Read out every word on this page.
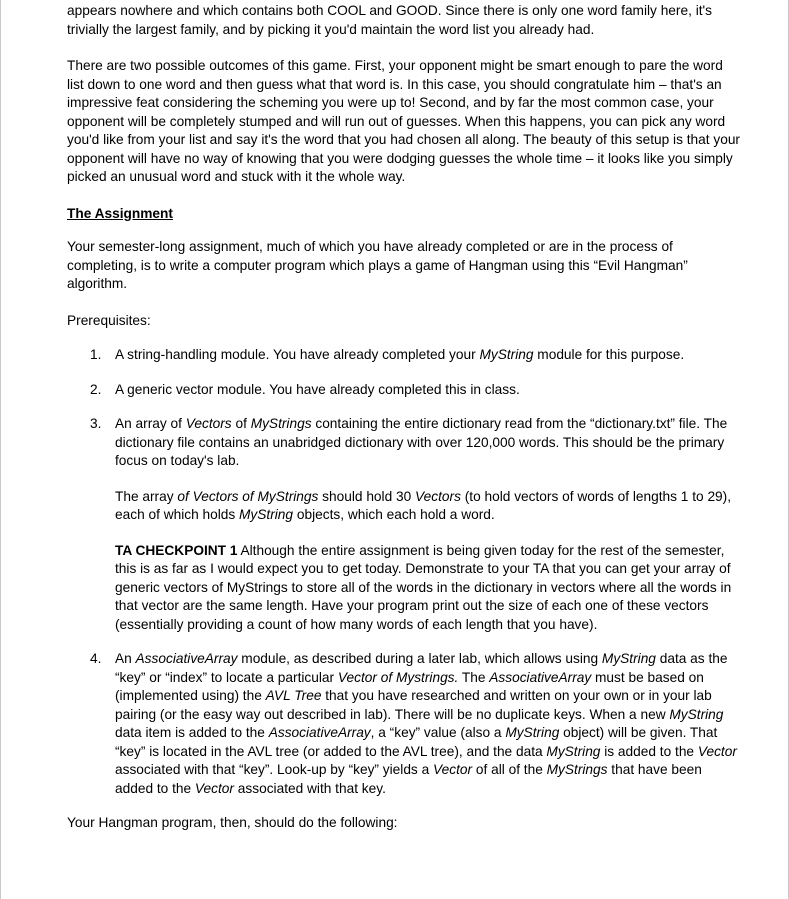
appears nowhere and which contains both COOL and GOOD. Since there is only one word family here, it's trivially the largest family, and by picking it you'd maintain the word list you already had.

There are two possible outcomes of this game. First, your opponent might be smart enough to pare the word list down to one word and then guess what that word is. In this case, you should congratulate him – that's an impressive feat considering the scheming you were up to! Second, and by far the most common case, your opponent will be completely stumped and will run out of guesses. When this happens, you can pick any word you'd like from your list and say it's the word that you had chosen all along. The beauty of this setup is that your opponent will have no way of knowing that you were dodging guesses the whole time – it looks like you simply picked an unusual word and stuck with it the whole way.

The Assignment

Your semester-long assignment, much of which you have already completed or are in the process of completing, is to write a computer program which plays a game of Hangman using this “Evil Hangman” algorithm.

Prerequisites:

1. A string-handling module. You have already completed your MyString module for this purpose.
2. A generic vector module. You have already completed this in class.
3. An array of Vectors of MyStrings containing the entire dictionary read from the “dictionary.txt” file. The dictionary file contains an unabridged dictionary with over 120,000 words. This should be the primary focus on today's lab.

The array of Vectors of MyStrings should hold 30 Vectors (to hold vectors of words of lengths 1 to 29), each of which holds MyString objects, which each hold a word.

TA CHECKPOINT 1 Although the entire assignment is being given today for the rest of the semester, this is as far as I would expect you to get today. Demonstrate to your TA that you can get your array of generic vectors of MyStrings to store all of the words in the dictionary in vectors where all the words in that vector are the same length. Have your program print out the size of each one of these vectors (essentially providing a count of how many words of each length that you have).

4. An AssociativeArray module, as described during a later lab, which allows using MyString data as the “key” or “index” to locate a particular Vector of Mystrings. The AssociativeArray must be based on (implemented using) the AVL Tree that you have researched and written on your own or in your lab pairing (or the easy way out described in lab). There will be no duplicate keys. When a new MyString data item is added to the AssociativeArray, a “key” value (also a MyString object) will be given. That “key” is located in the AVL tree (or added to the AVL tree), and the data MyString is added to the Vector associated with that “key”. Look-up by “key” yields a Vector of all of the MyStrings that have been added to the Vector associated with that key.

Your Hangman program, then, should do the following:
